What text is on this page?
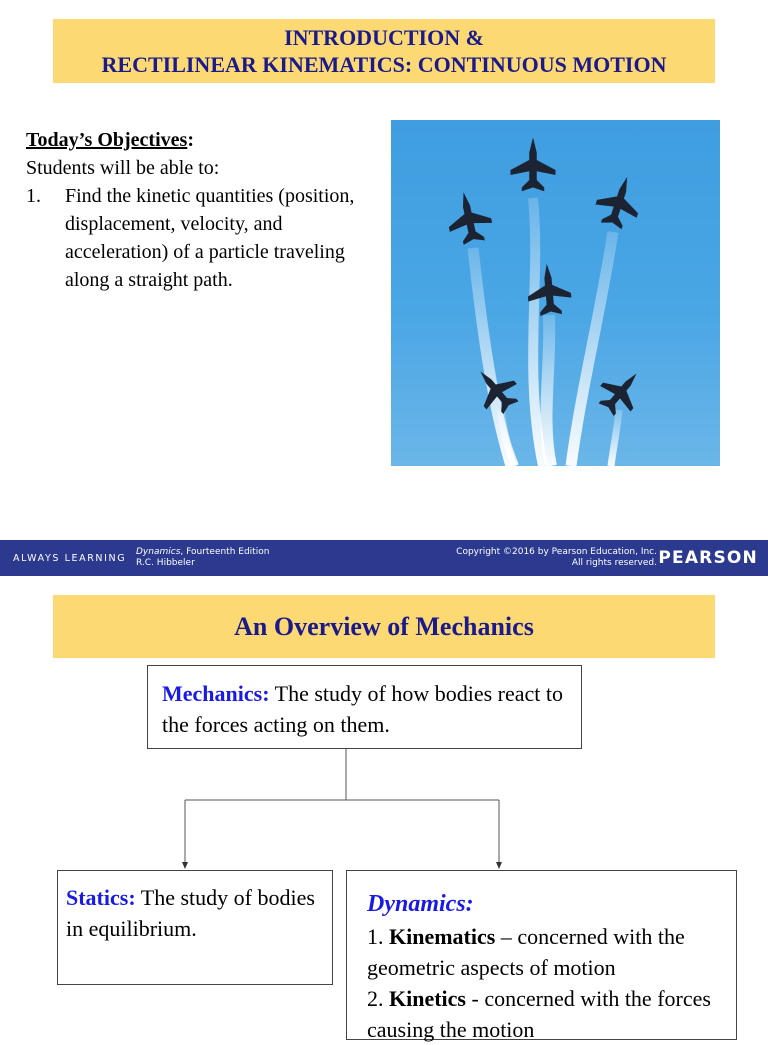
INTRODUCTION &
RECTILINEAR KINEMATICS: CONTINUOUS MOTION
Today’s Objectives:
Students will be able to:
1.	Find the kinetic quantities (position, displacement, velocity, and acceleration) of a particle traveling along a straight path.
ALWAYS LEARNING
Dynamics, Fourteenth Edition
R.C. Hibbeler
Copyright ©2016 by Pearson Education, Inc.
All rights reserved. PEARSON
An Overview of Mechanics
Mechanics: The study of how bodies react to the forces acting on them.
Statics: The study of bodies in equilibrium.
Dynamics:
1. Kinematics – concerned with the geometric aspects of motion
2. Kinetics - concerned with the forces causing the motion
